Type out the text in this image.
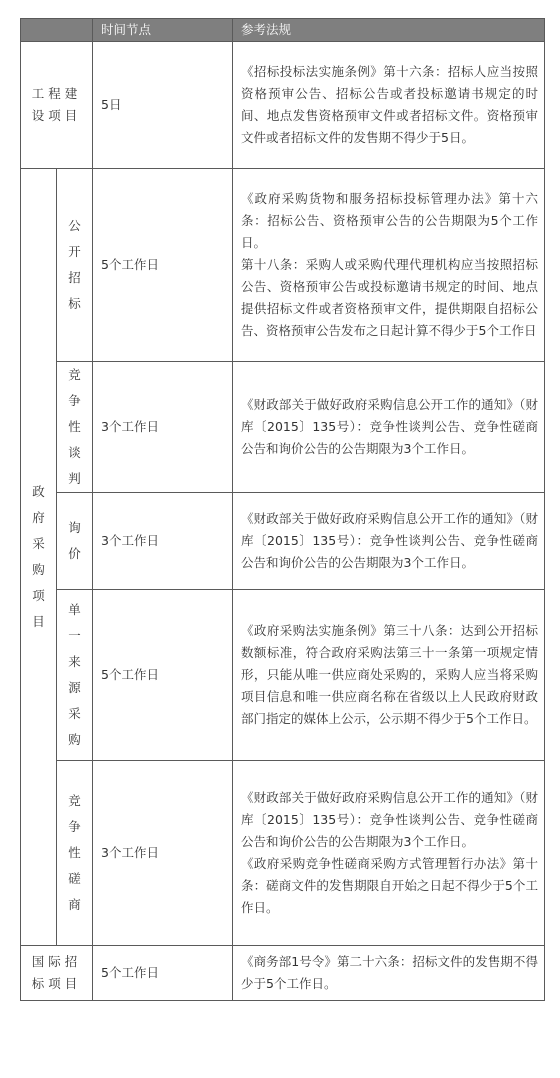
		时间节点	参考法规
工程建设项目		5日	《招标投标法实施条例》第十六条：招标人应当按照资格预审公告、招标公告或者投标邀请书规定的时间、地点发售资格预审文件或者招标文件。资格预审文件或者招标文件的发售期不得少于5日。
政府采购项目	公开招标	5个工作日	《政府采购货物和服务招标投标管理办法》第十六条：招标公告、资格预审公告的公告期限为5个工作日。
第十八条：采购人或采购代理代理机构应当按照招标公告、资格预审公告或投标邀请书规定的时间、地点提供招标文件或者资格预审文件，提供期限自招标公告、资格预审公告发布之日起计算不得少于5个工作日

	竞争性谈判	3个工作日	《财政部关于做好政府采购信息公开工作的通知》（财库〔2015〕135号）：竞争性谈判公告、竞争性磋商公告和询价公告的公告期限为3个工作日。
	询价	3个工作日	《财政部关于做好政府采购信息公开工作的通知》（财库〔2015〕135号）：竞争性谈判公告、竞争性磋商公告和询价公告的公告期限为3个工作日。
	单一来源采购	5个工作日	《政府采购法实施条例》第三十八条：达到公开招标数额标准，符合政府采购法第三十一条第一项规定情形，只能从唯一供应商处采购的，采购人应当将采购项目信息和唯一供应商名称在省级以上人民政府财政部门指定的媒体上公示，公示期不得少于5个工作日。
	竞争性磋商	3个工作日	《财政部关于做好政府采购信息公开工作的通知》（财库〔2015〕135号）：竞争性谈判公告、竞争性磋商公告和询价公告的公告期限为3个工作日。
《政府采购竞争性磋商采购方式管理暂行办法》第十条：磋商文件的发售期限自开始之日起不得少于5个工作日。

国际招标项目		5个工作日	《商务部1号令》第二十六条：招标文件的发售期不得少于5个工作日。
